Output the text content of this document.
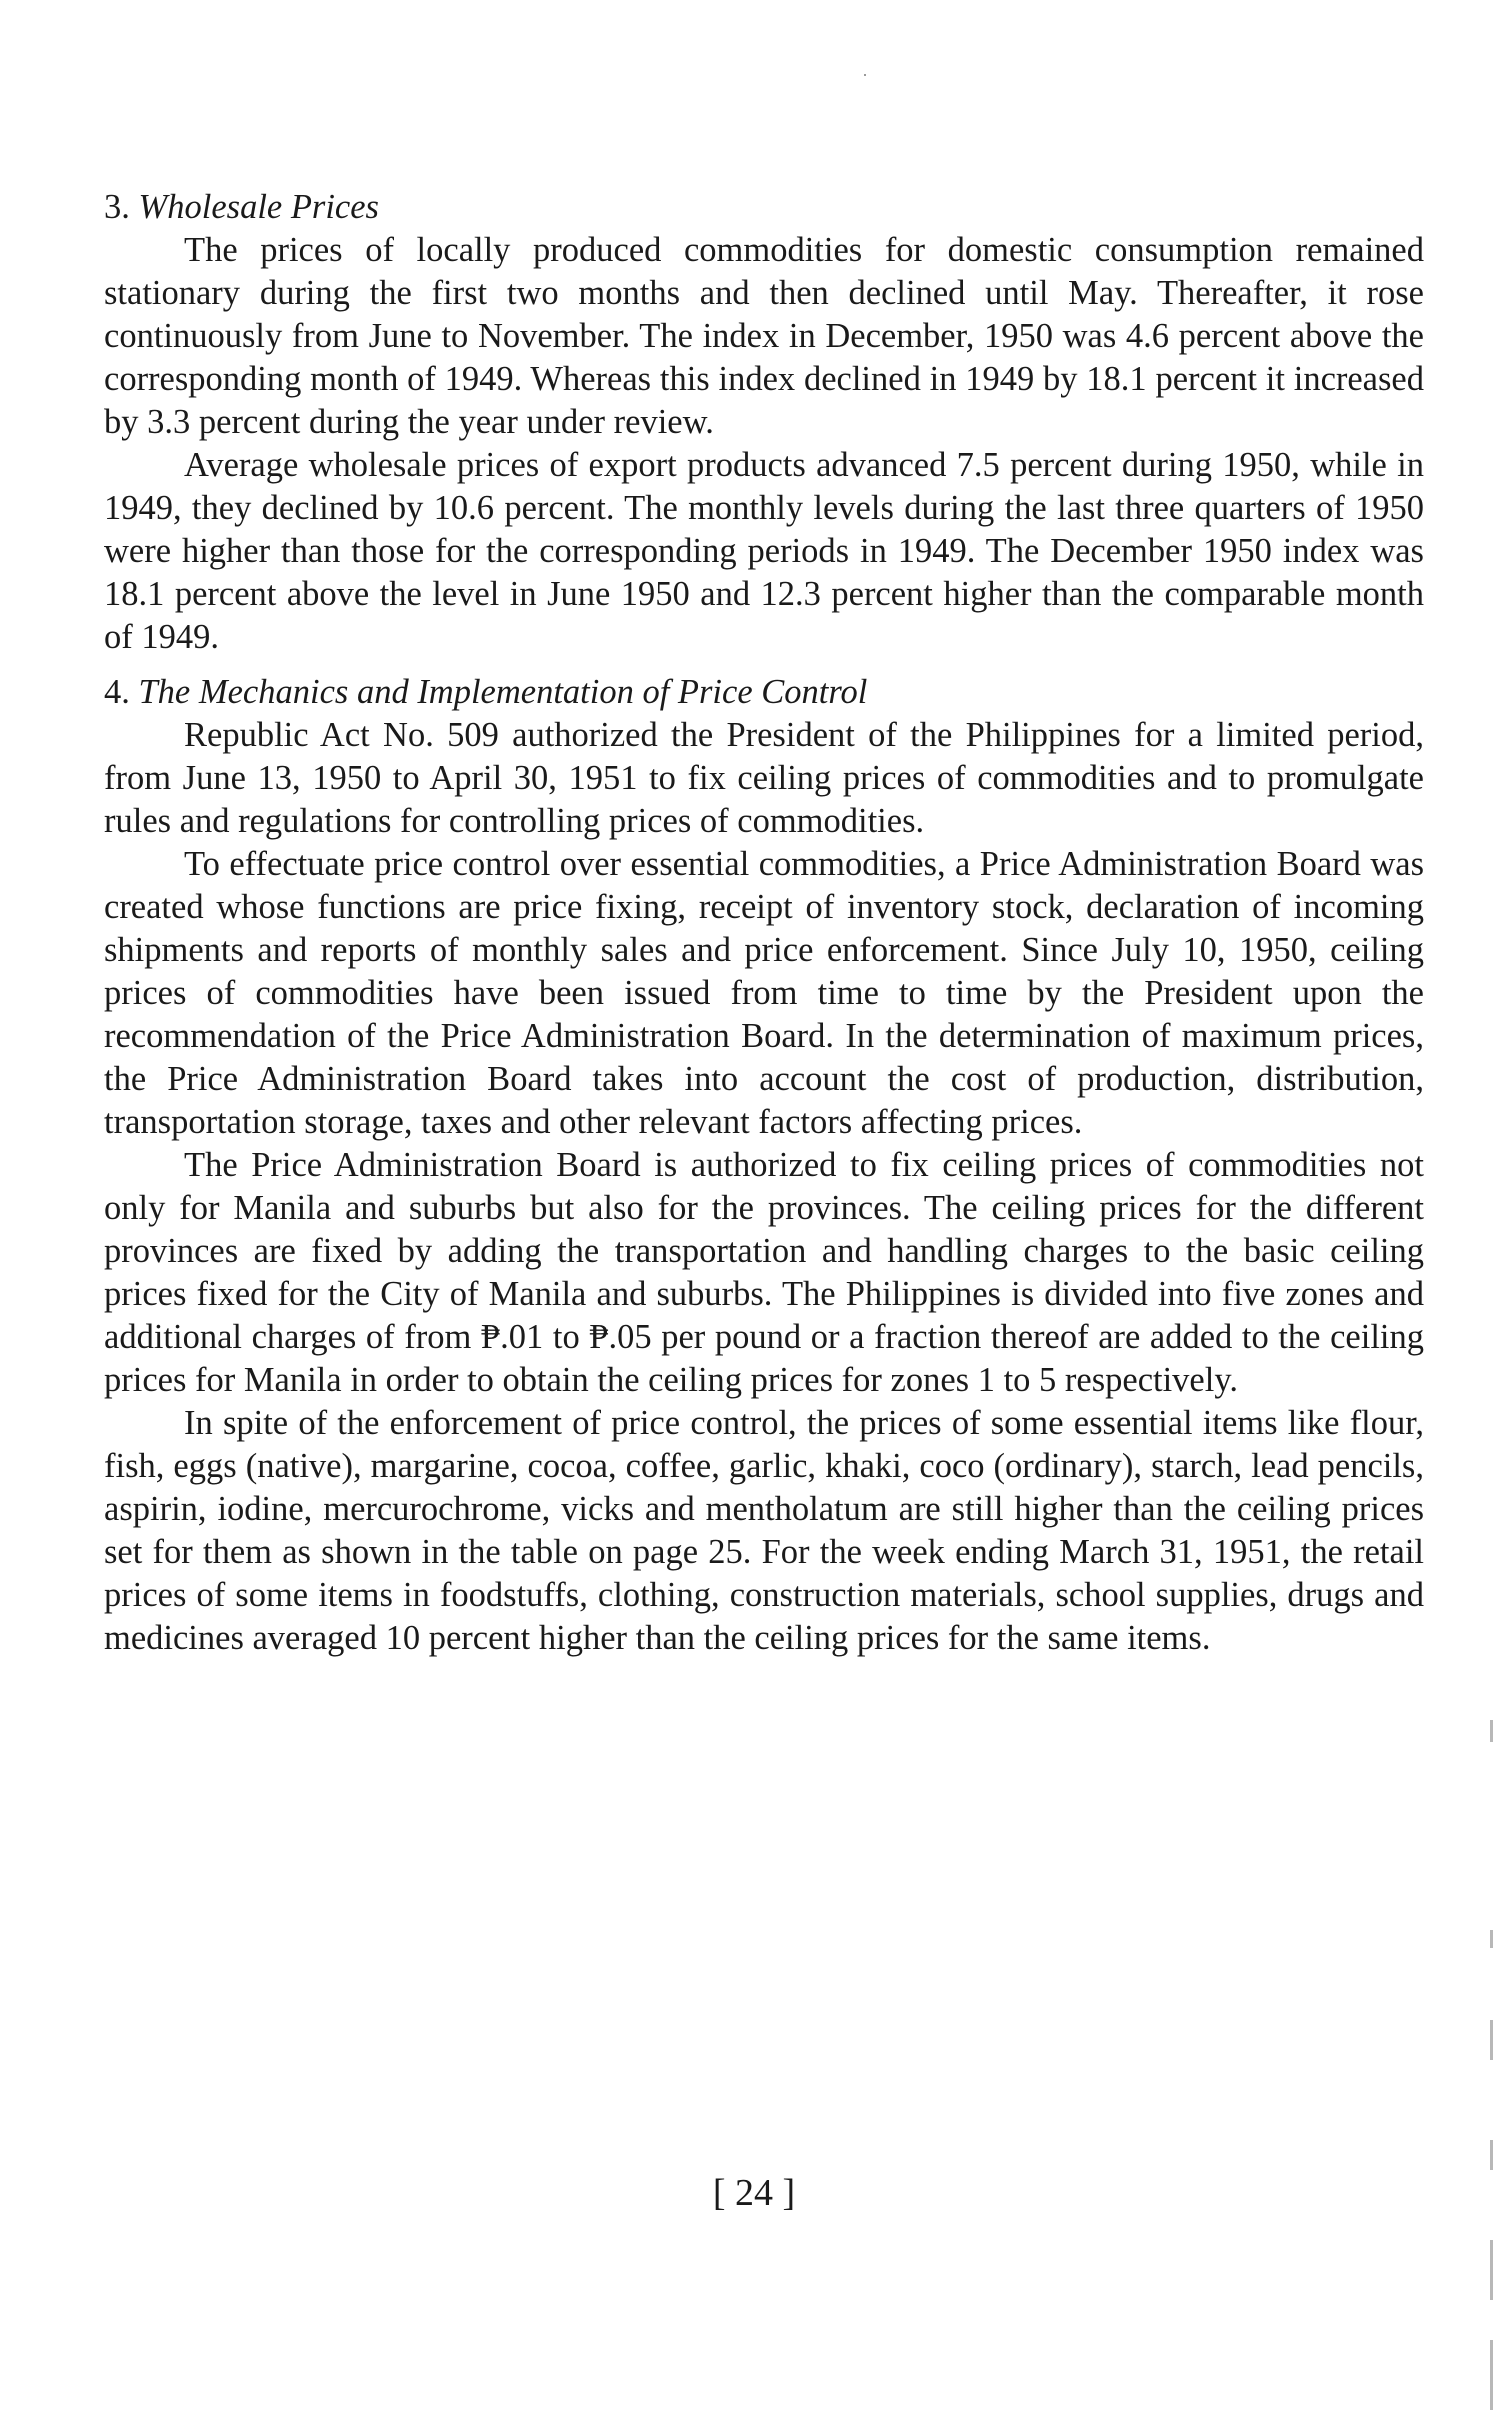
3. Wholesale Prices

The prices of locally produced commodities for domestic consumption remained stationary during the first two months and then declined until May. Thereafter, it rose continuously from June to November. The index in December, 1950 was 4.6 percent above the corresponding month of 1949. Whereas this index declined in 1949 by 18.1 percent it increased by 3.3 percent during the year under review.

Average wholesale prices of export products advanced 7.5 percent during 1950, while in 1949, they declined by 10.6 percent. The monthly levels during the last three quarters of 1950 were higher than those for the corresponding periods in 1949. The December 1950 index was 18.1 percent above the level in June 1950 and 12.3 percent higher than the comparable month of 1949.

4. The Mechanics and Implementation of Price Control

Republic Act No. 509 authorized the President of the Philippines for a limited period, from June 13, 1950 to April 30, 1951 to fix ceiling prices of commodities and to promulgate rules and regulations for controlling prices of commodities.

To effectuate price control over essential commodities, a Price Administration Board was created whose functions are price fixing, receipt of inventory stock, declaration of incoming shipments and reports of monthly sales and price enforcement. Since July 10, 1950, ceiling prices of commodities have been issued from time to time by the President upon the recommendation of the Price Administration Board. In the determination of maximum prices, the Price Administration Board takes into account the cost of production, distribution, transportation storage, taxes and other relevant factors affecting prices.

The Price Administration Board is authorized to fix ceiling prices of commodities not only for Manila and suburbs but also for the provinces. The ceiling prices for the different provinces are fixed by adding the transportation and handling charges to the basic ceiling prices fixed for the City of Manila and suburbs. The Philippines is divided into five zones and additional charges of from ₱.01 to ₱.05 per pound or a fraction thereof are added to the ceiling prices for Manila in order to obtain the ceiling prices for zones 1 to 5 respectively.

In spite of the enforcement of price control, the prices of some essential items like flour, fish, eggs (native), margarine, cocoa, coffee, garlic, khaki, coco (ordinary), starch, lead pencils, aspirin, iodine, mercurochrome, vicks and mentholatum are still higher than the ceiling prices set for them as shown in the table on page 25. For the week ending March 31, 1951, the retail prices of some items in foodstuffs, clothing, construction materials, school supplies, drugs and medicines averaged 10 percent higher than the ceiling prices for the same items.

[ 24 ]
